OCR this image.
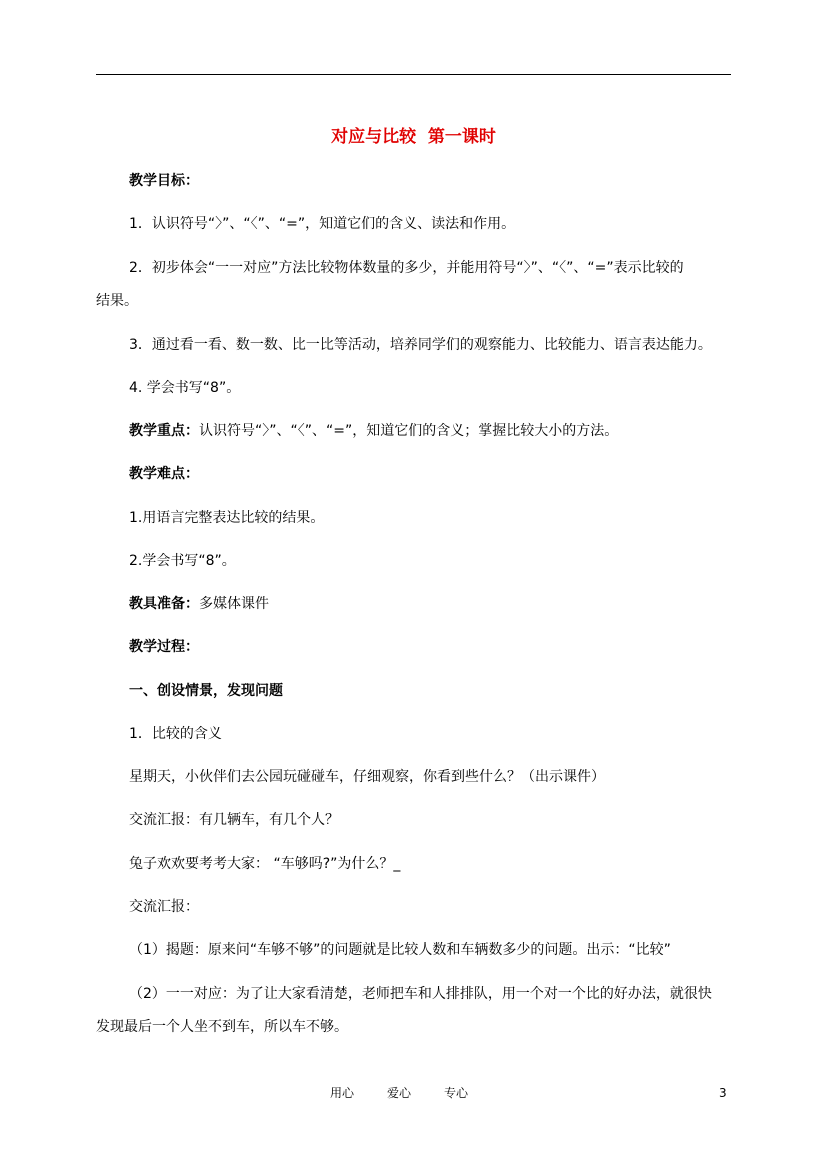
对应与比较  第一课时
教学目标：
1．认识符号“〉”、“〈”、“=”，知道它们的含义、读法和作用。
2．初步体会“一一对应”方法比较物体数量的多少，并能用符号“〉”、“〈”、“=”表示比较的
结果。
3．通过看一看、数一数、比一比等活动，培养同学们的观察能力、比较能力、语言表达能力。
4. 学会书写“8”。
教学重点：认识符号“〉”、“〈”、“=”，知道它们的含义；掌握比较大小的方法。
教学难点：
1.用语言完整表达比较的结果。
2.学会书写“8”。
教具准备：多媒体课件
教学过程：
一、创设情景，发现问题
1．比较的含义
星期天，小伙伴们去公园玩碰碰车，仔细观察，你看到些什么？（出示课件）
交流汇报：有几辆车，有几个人？
兔子欢欢要考考大家： “车够吗?”为什么？_
交流汇报：
（1）揭题：原来问“车够不够”的问题就是比较人数和车辆数多少的问题。出示：“比较”
（2）一一对应：为了让大家看清楚，老师把车和人排排队，用一个对一个比的好办法，就很快
发现最后一个人坐不到车，所以车不够。
用心	爱心	专心	3
